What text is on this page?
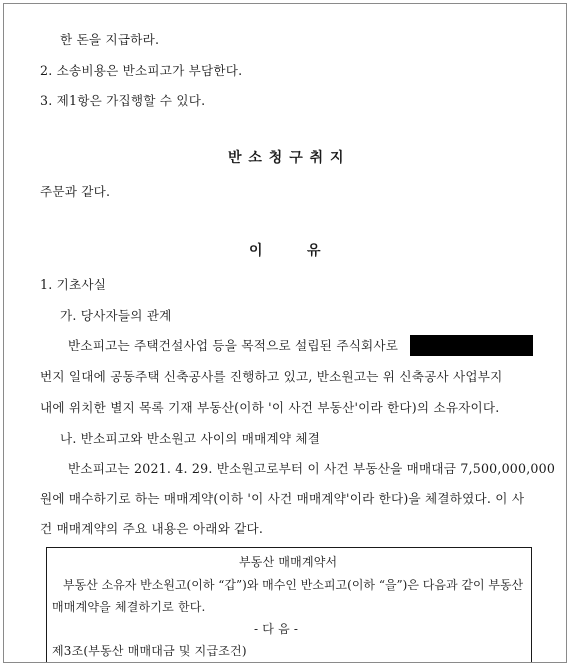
한 돈을 지급하라.
2. 소송비용은 반소피고가 부담한다.
3. 제1항은 가집행할 수 있다.
반 소 청 구 취 지
주문과 같다.
이	유
1. 기초사실
가. 당사자들의 관계
반소피고는 주택건설사업 등을 목적으로 설립된 주식회사로
번지 일대에 공동주택 신축공사를 진행하고 있고, 반소원고는 위 신축공사 사업부지
내에 위치한 별지 목록 기재 부동산(이하 '이 사건 부동산'이라 한다)의 소유자이다.
나. 반소피고와 반소원고 사이의 매매계약 체결
반소피고는 2021. 4. 29. 반소원고로부터 이 사건 부동산을 매매대금 7,500,000,000
원에 매수하기로 하는 매매계약(이하 '이 사건 매매계약'이라 한다)을 체결하였다. 이 사
건 매매계약의 주요 내용은 아래와 같다.
부동산 매매계약서
부동산 소유자 반소원고(이하 “갑”)와 매수인 반소피고(이하 “을”)은 다음과 같이 부동산
매매계약을 체결하기로 한다.
- 다 음 -
제3조(부동산 매매대금 및 지급조건)
